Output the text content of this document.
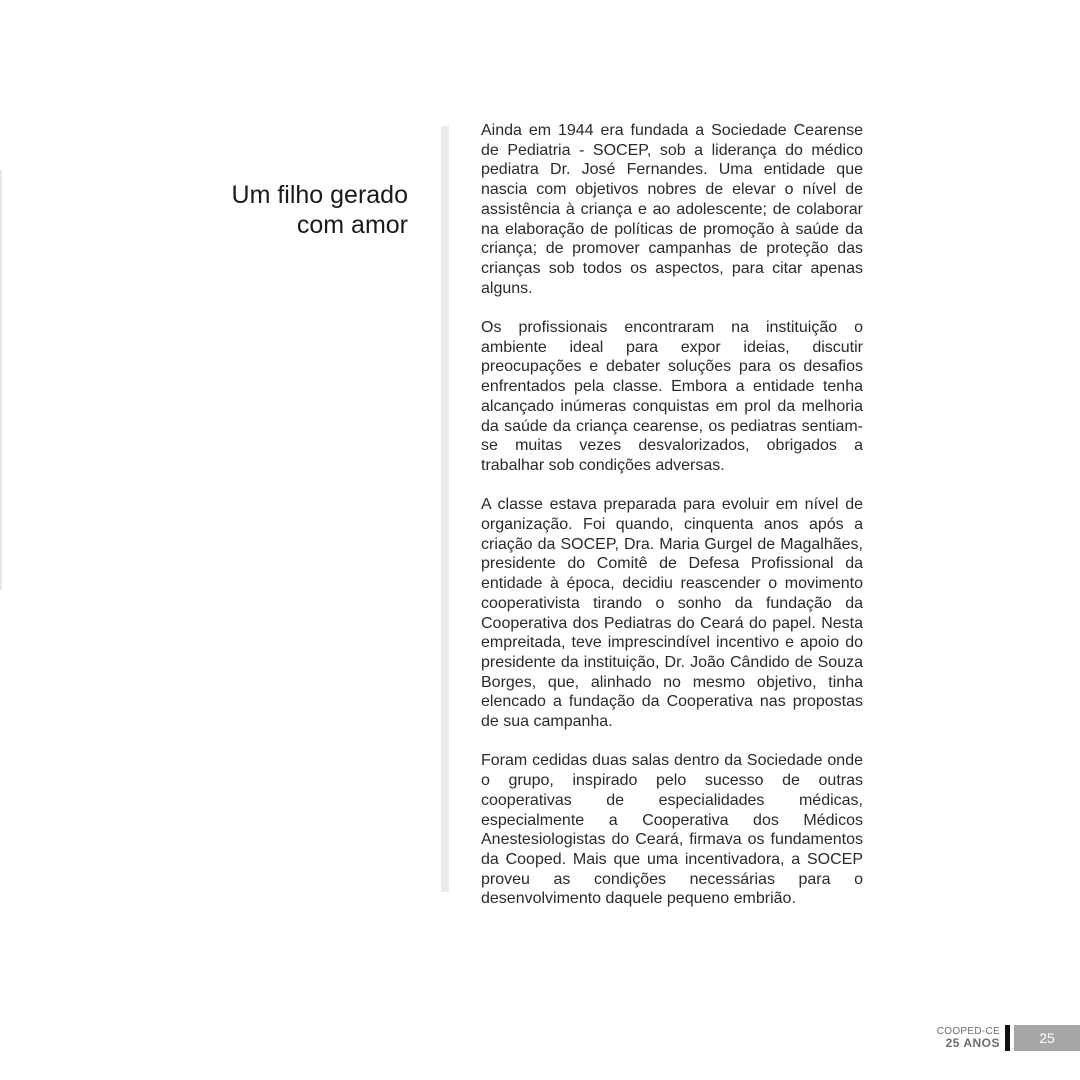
Um filho gerado
com amor

Ainda em 1944 era fundada a Sociedade Cearense de Pediatria - SOCEP, sob a liderança do médico pediatra Dr. José Fernandes. Uma entidade que nascia com objetivos nobres de elevar o nível de assistência à criança e ao adolescente; de colaborar na elaboração de políticas de promoção à saúde da criança; de promover campanhas de proteção das crianças sob todos os aspectos, para citar apenas alguns.

Os profissionais encontraram na instituição o ambiente ideal para expor ideias, discutir preocupações e debater soluções para os desafios enfrentados pela classe. Embora a entidade tenha alcançado inúmeras conquistas em prol da melhoria da saúde da criança cearense, os pediatras sentiam-se muitas vezes desvalorizados, obrigados a trabalhar sob condições adversas.

A classe estava preparada para evoluir em nível de organização. Foi quando, cinquenta anos após a criação da SOCEP, Dra. Maria Gurgel de Magalhães, presidente do Comitê de Defesa Profissional da entidade à época, decidiu reascender o movimento cooperativista tirando o sonho da fundação da Cooperativa dos Pediatras do Ceará do papel. Nesta empreitada, teve imprescindível incentivo e apoio do presidente da instituição, Dr. João Cândido de Souza Borges, que, alinhado no mesmo objetivo, tinha elencado a fundação da Cooperativa nas propostas de sua campanha.

Foram cedidas duas salas dentro da Sociedade onde o grupo, inspirado pelo sucesso de outras cooperativas de especialidades médicas, especialmente a Cooperativa dos Médicos Anestesiologistas do Ceará, firmava os fundamentos da Cooped. Mais que uma incentivadora, a SOCEP proveu as condições necessárias para o desenvolvimento daquele pequeno embrião.

COOPED-CE
25 ANOS	25
